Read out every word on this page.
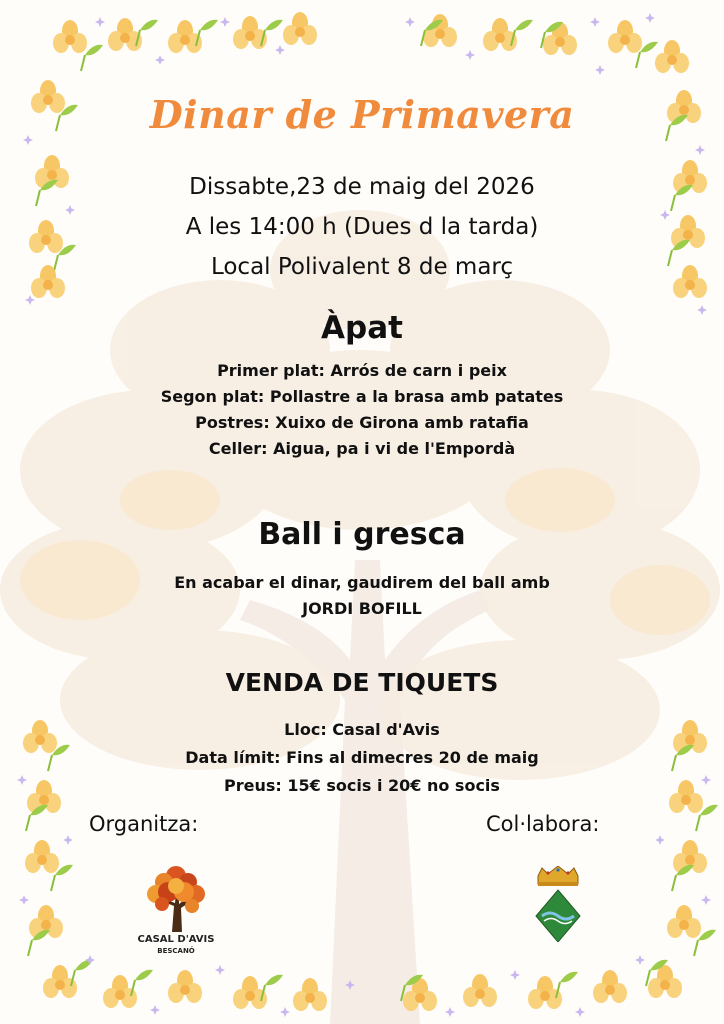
Dinar de Primavera
Dissabte,23 de maig del 2026
A les 14:00 h (Dues d la tarda)
Local Polivalent 8 de març
Àpat
Primer plat: Arrós de carn i peix
Segon plat: Pollastre a la brasa amb patates
Postres: Xuixo de Girona amb ratafia
Celler: Aigua, pa i vi de l'Empordà
Ball i gresca
En acabar el dinar, gaudirem del ball amb
JORDI BOFILL
VENDA DE TIQUETS
Lloc: Casal d'Avis
Data límit: Fins al dimecres 20 de maig
Preus: 15€ socis i 20€ no socis
Organitza:	Col·labora:
CASAL D'AVIS
BESCANÓ
